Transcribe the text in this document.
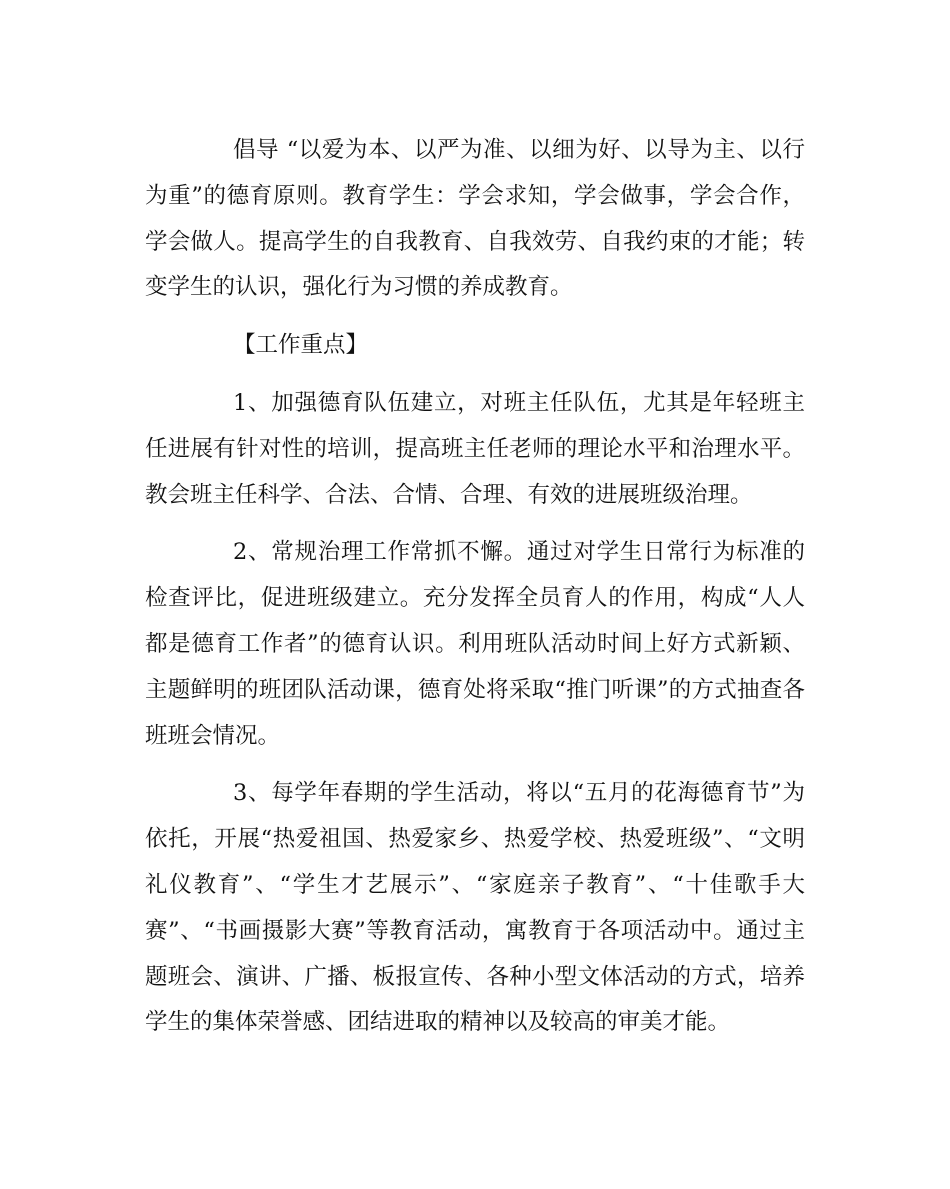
倡导 “以爱为本、以严为准、以细为好、以导为主、以行为重”的德育原则。教育学生：学会求知，学会做事，学会合作，学会做人。提高学生的自我教育、自我效劳、自我约束的才能；转变学生的认识，强化行为习惯的养成教育。

【工作重点】

1、加强德育队伍建立，对班主任队伍，尤其是年轻班主任进展有针对性的培训，提高班主任老师的理论水平和治理水平。教会班主任科学、合法、合情、合理、有效的进展班级治理。

2、常规治理工作常抓不懈。通过对学生日常行为标准的检查评比，促进班级建立。充分发挥全员育人的作用，构成“人人都是德育工作者”的德育认识。利用班队活动时间上好方式新颖、主题鲜明的班团队活动课，德育处将采取“推门听课”的方式抽查各班班会情况。

3、每学年春期的学生活动，将以“五月的花海德育节”为依托，开展“热爱祖国、热爱家乡、热爱学校、热爱班级”、“文明礼仪教育”、“学生才艺展示”、“家庭亲子教育”、“十佳歌手大赛”、“书画摄影大赛”等教育活动，寓教育于各项活动中。通过主题班会、演讲、广播、板报宣传、各种小型文体活动的方式，培养学生的集体荣誉感、团结进取的精神以及较高的审美才能。
